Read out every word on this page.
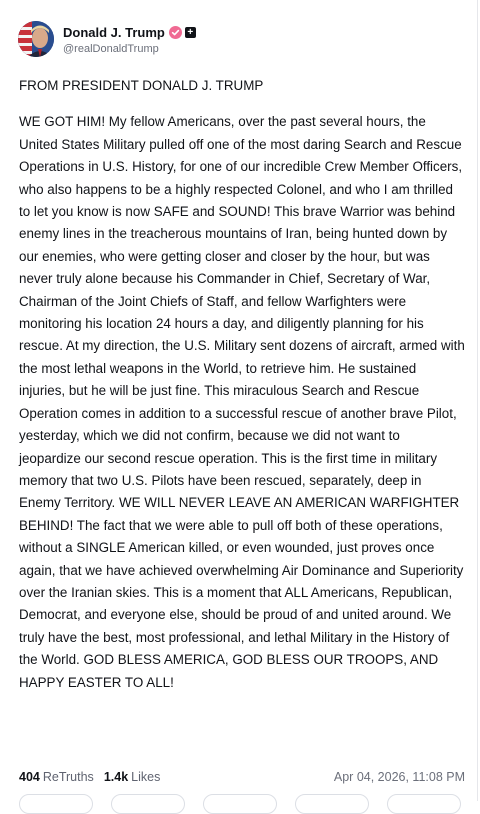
Donald J. Trump +
@realDonaldTrump

FROM PRESIDENT DONALD J. TRUMP

WE GOT HIM! My fellow Americans, over the past several hours, the United States Military pulled off one of the most daring Search and Rescue Operations in U.S. History, for one of our incredible Crew Member Officers, who also happens to be a highly respected Colonel, and who I am thrilled to let you know is now SAFE and SOUND! This brave Warrior was behind enemy lines in the treacherous mountains of Iran, being hunted down by our enemies, who were getting closer and closer by the hour, but was never truly alone because his Commander in Chief, Secretary of War, Chairman of the Joint Chiefs of Staff, and fellow Warfighters were monitoring his location 24 hours a day, and diligently planning for his rescue. At my direction, the U.S. Military sent dozens of aircraft, armed with the most lethal weapons in the World, to retrieve him. He sustained injuries, but he will be just fine. This miraculous Search and Rescue Operation comes in addition to a successful rescue of another brave Pilot, yesterday, which we did not confirm, because we did not want to jeopardize our second rescue operation. This is the first time in military memory that two U.S. Pilots have been rescued, separately, deep in Enemy Territory. WE WILL NEVER LEAVE AN AMERICAN WARFIGHTER BEHIND! The fact that we were able to pull off both of these operations, without a SINGLE American killed, or even wounded, just proves once again, that we have achieved overwhelming Air Dominance and Superiority over the Iranian skies. This is a moment that ALL Americans, Republican, Democrat, and everyone else, should be proud of and united around. We truly have the best, most professional, and lethal Military in the History of the World. GOD BLESS AMERICA, GOD BLESS OUR TROOPS, AND HAPPY EASTER TO ALL!

404 ReTruths 1.4k Likes	Apr 04, 2026, 11:08 PM
